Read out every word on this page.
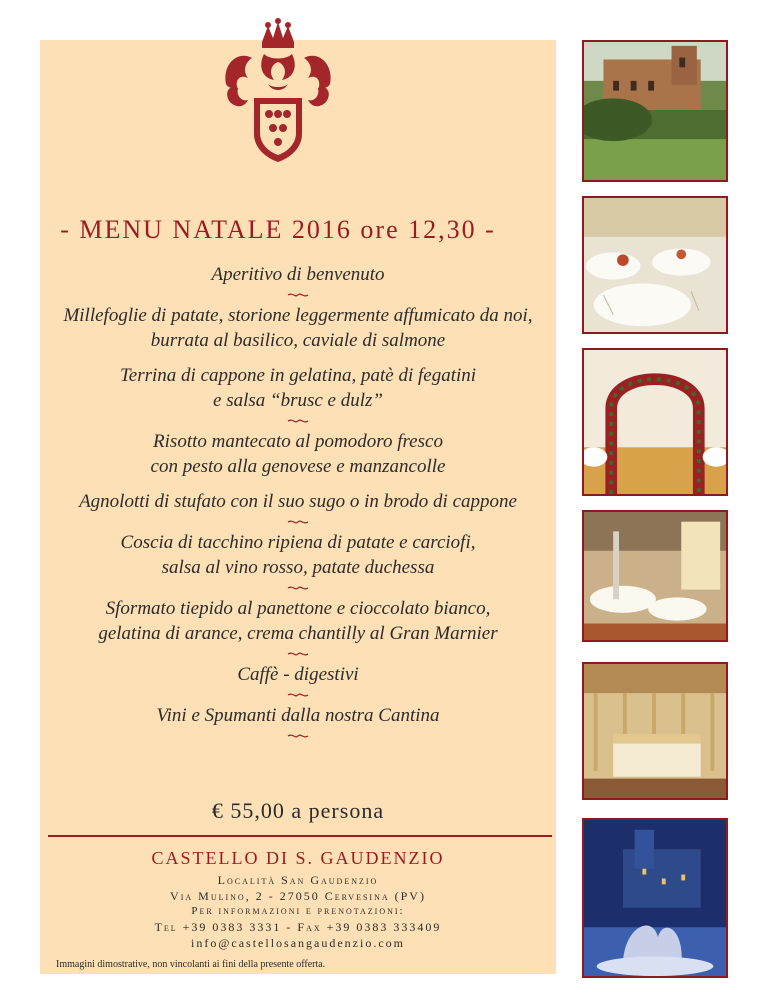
- MENU NATALE 2016 ore 12,30 -

Aperitivo di benvenuto

Millefoglie di patate, storione leggermente affumicato da noi,

burrata al basilico, caviale di salmone

Terrina di cappone in gelatina, patè di fegatini

e salsa “brusc e dulz”

Risotto mantecato al pomodoro fresco

con pesto alla genovese e manzancolle

Agnolotti di stufato con il suo sugo o in brodo di cappone

Coscia di tacchino ripiena di patate e carciofi,

salsa al vino rosso, patate duchessa

Sformato tiepido al panettone e cioccolato bianco,

gelatina di arance, crema chantilly al Gran Marnier

Caffè - digestivi

Vini e Spumanti dalla nostra Cantina

€ 55,00 a persona
CASTELLO DI S. GAUDENZIO
Località San Gaudenzio
Via Mulino, 2 - 27050 Cervesina (PV)
Per informazioni e prenotazioni:
Tel +39 0383 3331 - Fax +39 0383 333409
info@castellosangaudenzio.com
Immagini dimostrative, non vincolanti ai fini della presente offerta.
